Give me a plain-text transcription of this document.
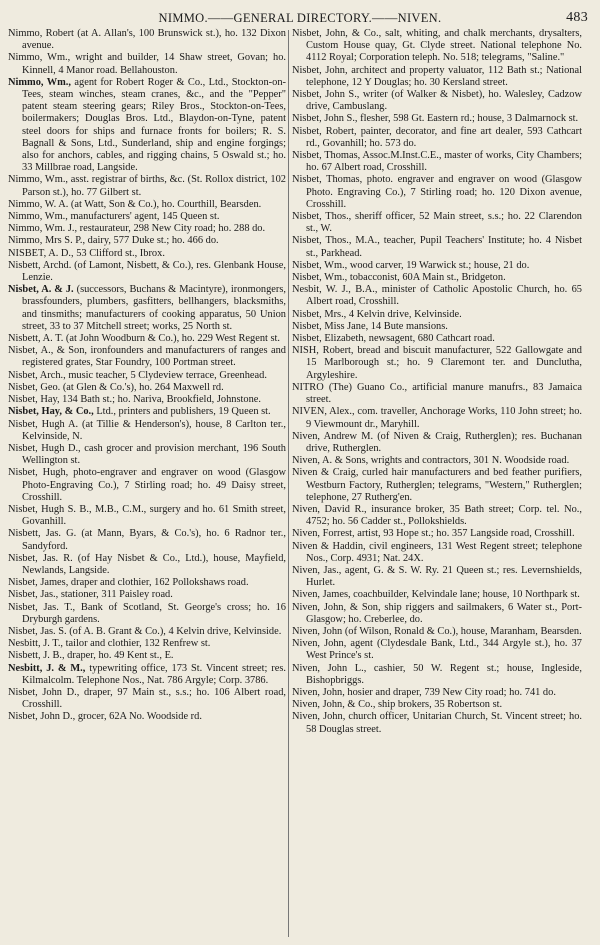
NIMMO.——GENERAL DIRECTORY.——NIVEN.	483

Nimmo, Robert (at A. Allan's, 100 Brunswick st.), ho. 132 Dixon avenue.

Nimmo, Wm., wright and builder, 14 Shaw street, Govan; ho. Kinnell, 4 Manor road. Bellahouston.

Nimmo, Wm., agent for Robert Roger & Co., Ltd., Stockton-on-Tees, steam winches, steam cranes, &c., and the "Pepper" patent steam steering gears; Riley Bros., Stockton-on-Tees, boilermakers; Douglas Bros. Ltd., Blaydon-on-Tyne, patent steel doors for ships and furnace fronts for boilers; R. S. Bagnall & Sons, Ltd., Sunderland, ship and engine forgings; also for anchors, cables, and rigging chains, 5 Oswald st.; ho. 33 Millbrae road, Langside.

Nimmo, Wm., asst. registrar of births, &c. (St. Rollox district, 102 Parson st.), ho. 77 Gilbert st.

Nimmo, W. A. (at Watt, Son & Co.), ho. Courthill, Bearsden.

Nimmo, Wm., manufacturers' agent, 145 Queen st.

Nimmo, Wm. J., restaurateur, 298 New City road; ho. 288 do.

Nimmo, Mrs S. P., dairy, 577 Duke st.; ho. 466 do.

NISBET, A. D., 53 Clifford st., Ibrox.

Nisbett, Archd. (of Lamont, Nisbett, & Co.), res. Glenbank House, Lenzie.

Nisbet, A. & J. (successors, Buchans & Macintyre), ironmongers, brassfounders, plumbers, gasfitters, bellhangers, blacksmiths, and tinsmiths; manufacturers of cooking apparatus, 50 Union street, 33 to 37 Mitchell street; works, 25 North st.

Nisbett, A. T. (at John Woodburn & Co.), ho. 229 West Regent st.

Nisbet, A., & Son, ironfounders and manufacturers of ranges and registered grates, Star Foundry, 100 Portman street.

Nisbet, Arch., music teacher, 5 Clydeview terrace, Greenhead.

Nisbet, Geo. (at Glen & Co.'s), ho. 264 Maxwell rd.

Nisbet, Hay, 134 Bath st.; ho. Nariva, Brookfield, Johnstone.

Nisbet, Hay, & Co., Ltd., printers and publishers, 19 Queen st.

Nisbet, Hugh A. (at Tillie & Henderson's), house, 8 Carlton ter., Kelvinside, N.

Nisbet, Hugh D., cash grocer and provision merchant, 196 South Wellington st.

Nisbet, Hugh, photo-engraver and engraver on wood (Glasgow Photo-Engraving Co.), 7 Stirling road; ho. 49 Daisy street, Crosshill.

Nisbet, Hugh S. B., M.B., C.M., surgery and ho. 61 Smith street, Govanhill.

Nisbett, Jas. G. (at Mann, Byars, & Co.'s), ho. 6 Radnor ter., Sandyford.

Nisbet, Jas. R. (of Hay Nisbet & Co., Ltd.), house, Mayfield, Newlands, Langside.

Nisbet, James, draper and clothier, 162 Pollokshaws road.

Nisbet, Jas., stationer, 311 Paisley road.

Nisbet, Jas. T., Bank of Scotland, St. George's cross; ho. 16 Dryburgh gardens.

Nisbet, Jas. S. (of A. B. Grant & Co.), 4 Kelvin drive, Kelvinside.

Nesbitt, J. T., tailor and clothier, 132 Renfrew st.

Nisbett, J. B., draper, ho. 49 Kent st., E.

Nesbitt, J. & M., typewriting office, 173 St. Vincent street; res. Kilmalcolm. Telephone Nos., Nat. 786 Argyle; Corp. 3786.

Nisbet, John D., draper, 97 Main st., s.s.; ho. 106 Albert road, Crosshill.

Nisbet, John D., grocer, 62A No. Woodside rd.

Nisbet, John, & Co., salt, whiting, and chalk merchants, drysalters, Custom House quay, Gt. Clyde street. National telephone No. 4112 Royal; Corporation teleph. No. 518; telegrams, "Saline."

Nisbet, John, architect and property valuator, 112 Bath st.; National telephone, 12 Y Douglas; ho. 30 Kersland street.

Nisbet, John S., writer (of Walker & Nisbet), ho. Walesley, Cadzow drive, Cambuslang.

Nisbet, John S., flesher, 598 Gt. Eastern rd.; house, 3 Dalmarnock st.

Nisbet, Robert, painter, decorator, and fine art dealer, 593 Cathcart rd., Govanhill; ho. 573 do.

Nisbet, Thomas, Assoc.M.Inst.C.E., master of works, City Chambers; ho. 67 Albert road, Crosshill.

Nisbet, Thomas, photo. engraver and engraver on wood (Glasgow Photo. Engraving Co.), 7 Stirling road; ho. 120 Dixon avenue, Crosshill.

Nisbet, Thos., sheriff officer, 52 Main street, s.s.; ho. 22 Clarendon st., W.

Nisbet, Thos., M.A., teacher, Pupil Teachers' Institute; ho. 4 Nisbet st., Parkhead.

Nisbet, Wm., wood carver, 19 Warwick st.; house, 21 do.

Nisbet, Wm., tobacconist, 60A Main st., Bridgeton.

Nesbit, W. J., B.A., minister of Catholic Apostolic Church, ho. 65 Albert road, Crosshill.

Nisbet, Mrs., 4 Kelvin drive, Kelvinside.

Nisbet, Miss Jane, 14 Bute mansions.

Nisbet, Elizabeth, newsagent, 680 Cathcart road.

NISH, Robert, bread and biscuit manufacturer, 522 Gallowgate and 15 Marlborough st.; ho. 9 Claremont ter. and Dunclutha, Argyleshire.

NITRO (The) Guano Co., artificial manure manufrs., 83 Jamaica street.

NIVEN, Alex., com. traveller, Anchorage Works, 110 John street; ho. 9 Viewmount dr., Maryhill.

Niven, Andrew M. (of Niven & Craig, Rutherglen); res. Buchanan drive, Rutherglen.

Niven, A. & Sons, wrights and contractors, 301 N. Woodside road.

Niven & Craig, curled hair manufacturers and bed feather purifiers, Westburn Factory, Rutherglen; telegrams, "Western," Rutherglen; telephone, 27 Rutherg'en.

Niven, David R., insurance broker, 35 Bath street; Corp. tel. No., 4752; ho. 56 Cadder st., Pollokshields.

Niven, Forrest, artist, 93 Hope st.; ho. 357 Langside road, Crosshill.

Niven & Haddin, civil engineers, 131 West Regent street; telephone Nos., Corp. 4931; Nat. 24X.

Niven, Jas., agent, G. & S. W. Ry. 21 Queen st.; res. Levernshields, Hurlet.

Niven, James, coachbuilder, Kelvindale lane; house, 10 Northpark st.

Niven, John, & Son, ship riggers and sailmakers, 6 Water st., Port-Glasgow; ho. Creberlee, do.

Niven, John (of Wilson, Ronald & Co.), house, Maranham, Bearsden.

Niven, John, agent (Clydesdale Bank, Ltd., 344 Argyle st.), ho. 37 West Prince's st.

Niven, John L., cashier, 50 W. Regent st.; house, Ingleside, Bishopbriggs.

Niven, John, hosier and draper, 739 New City road; ho. 741 do.

Niven, John, & Co., ship brokers, 35 Robertson st.

Niven, John, church officer, Unitarian Church, St. Vincent street; ho. 58 Douglas street.
